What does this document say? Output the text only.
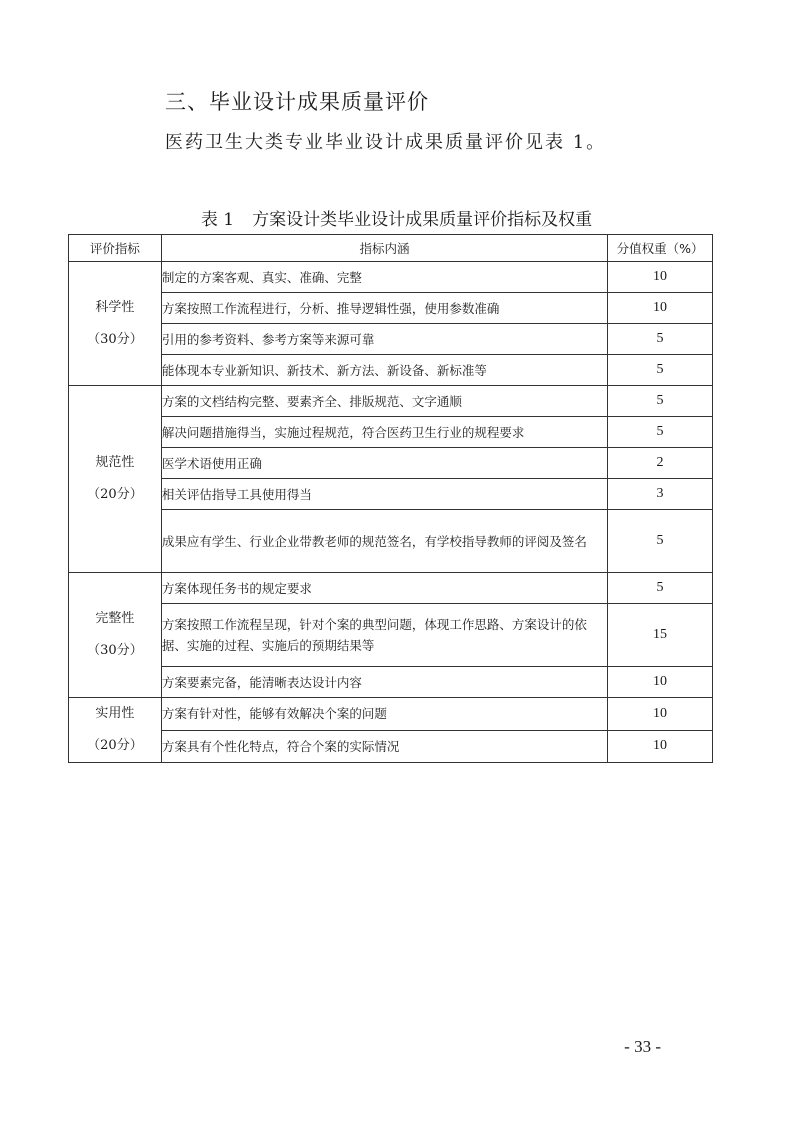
三、毕业设计成果质量评价

医药卫生大类专业毕业设计成果质量评价见表 1。

表 1 方案设计类毕业设计成果质量评价指标及权重

评价指标	指标内涵	分值权重（%）

科学性
（30分）	制定的方案客观、真实、准确、完整	10
	方案按照工作流程进行，分析、推导逻辑性强，使用参数准确	10
	引用的参考资料、参考方案等来源可靠	5
	能体现本专业新知识、新技术、新方法、新设备、新标准等	5

规范性
（20分）	方案的文档结构完整、要素齐全、排版规范、文字通顺	5
	解决问题措施得当，实施过程规范，符合医药卫生行业的规程要求	5
	医学术语使用正确	2
	相关评估指导工具使用得当	3
	成果应有学生、行业企业带教老师的规范签名，有学校指导教师的评阅及签名	5

完整性
（30分）	方案体现任务书的规定要求	5
	方案按照工作流程呈现，针对个案的典型问题，体现工作思路、方案设计的依据、实施的过程、实施后的预期结果等	15
	方案要素完备，能清晰表达设计内容	10

实用性
（20分）	方案有针对性，能够有效解决个案的问题	10
	方案具有个性化特点，符合个案的实际情况	10

- 33 -
